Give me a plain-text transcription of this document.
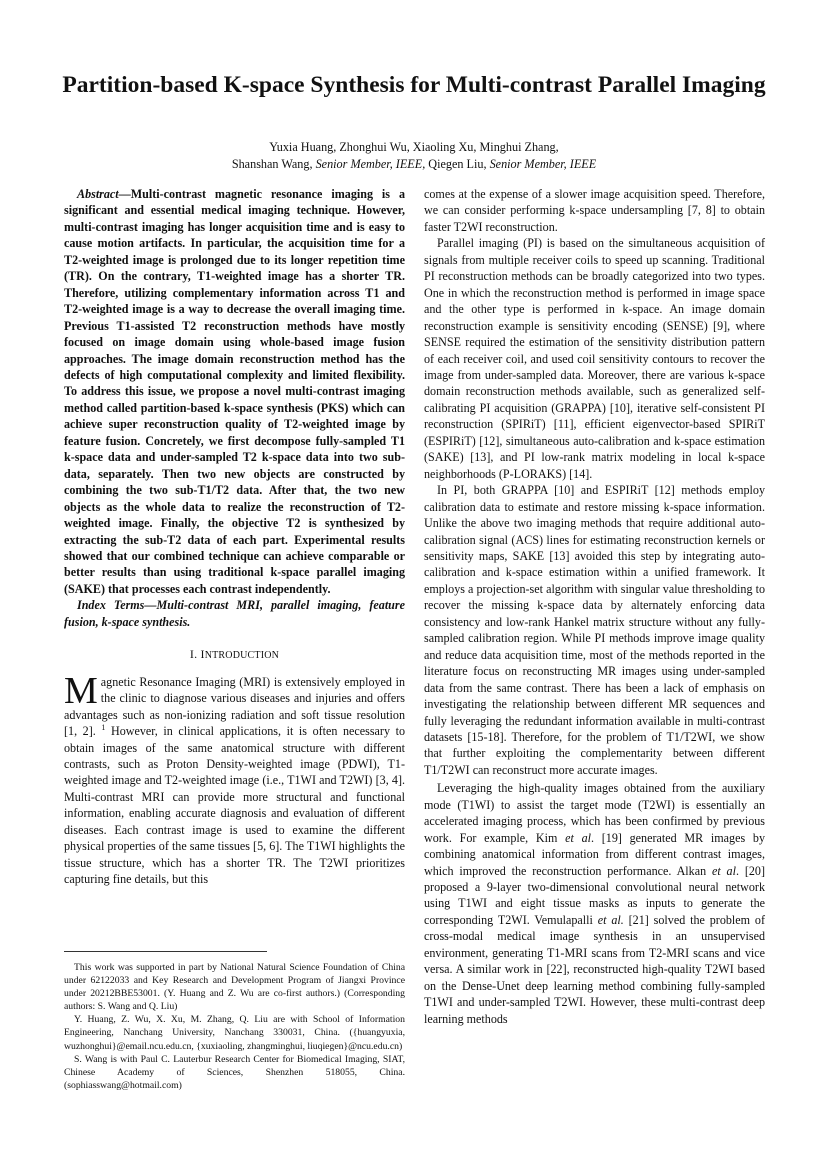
Partition-based K-space Synthesis for Multi-contrast Parallel Imaging

Yuxia Huang, Zhonghui Wu, Xiaoling Xu, Minghui Zhang,

Shanshan Wang, Senior Member, IEEE, Qiegen Liu, Senior Member, IEEE

Abstract—Multi-contrast magnetic resonance imaging is a significant and essential medical imaging technique. However, multi-contrast imaging has longer acquisition time and is easy to cause motion artifacts. In particular, the acquisition time for a T2-weighted image is prolonged due to its longer repetition time (TR). On the contrary, T1-weighted image has a shorter TR. Therefore, utilizing complementary information across T1 and T2-weighted image is a way to decrease the overall imaging time. Previous T1-assisted T2 reconstruction methods have mostly focused on image domain using whole-based image fusion approaches. The image domain reconstruction method has the defects of high computational complexity and limited flexibility. To address this issue, we propose a novel multi-contrast imaging method called partition-based k-space synthesis (PKS) which can achieve super reconstruction quality of T2-weighted image by feature fusion. Concretely, we first decompose fully-sampled T1 k-space data and under-sampled T2 k-space data into two sub-data, separately. Then two new objects are constructed by combining the two sub-T1/T2 data. After that, the two new objects as the whole data to realize the reconstruction of T2-weighted image. Finally, the objective T2 is synthesized by extracting the sub-T2 data of each part. Experimental results showed that our combined technique can achieve comparable or better results than using traditional k-space parallel imaging (SAKE) that processes each contrast independently.

Index Terms—Multi-contrast MRI, parallel imaging, feature fusion, k-space synthesis.

I. INTRODUCTION

Magnetic Resonance Imaging (MRI) is extensively employed in the clinic to diagnose various diseases and injuries and offers advantages such as non-ionizing radiation and soft tissue resolution [1, 2]. $^1$ However, in clinical applications, it is often necessary to obtain images of the same anatomical structure with different contrasts, such as Proton Density-weighted image (PDWI), T1-weighted image and T2-weighted image (i.e., T1WI and T2WI) [3, 4]. Multi-contrast MRI can provide more structural and functional information, enabling accurate diagnosis and evaluation of different diseases. Each contrast image is used to examine the different physical properties of the same tissues [5, 6]. The T1WI highlights the tissue structure, which has a shorter TR. The T2WI prioritizes capturing fine details, but this

This work was supported in part by National Natural Science Foundation of China under 62122033 and Key Research and Development Program of Jiangxi Province under 20212BBE53001. (Y. Huang and Z. Wu are co-first authors.) (Corresponding authors: S. Wang and Q. Liu)

Y. Huang, Z. Wu, X. Xu, M. Zhang, Q. Liu are with School of Information Engineering, Nanchang University, Nanchang 330031, China. ({huangyuxia, wuzhonghui}@email.ncu.edu.cn, {xuxiaoling, zhangminghui, liuqiegen}@ncu.edu.cn)

S. Wang is with Paul C. Lauterbur Research Center for Biomedical Imaging, SIAT, Chinese Academy of Sciences, Shenzhen 518055, China. (sophiasswang@hotmail.com)

comes at the expense of a slower image acquisition speed. Therefore, we can consider performing k-space undersampling [7, 8] to obtain faster T2WI reconstruction.

Parallel imaging (PI) is based on the simultaneous acquisition of signals from multiple receiver coils to speed up scanning. Traditional PI reconstruction methods can be broadly categorized into two types. One in which the reconstruction method is performed in image space and the other type is performed in k-space. An image domain reconstruction example is sensitivity encoding (SENSE) [9], where SENSE required the estimation of the sensitivity distribution pattern of each receiver coil, and used coil sensitivity contours to recover the image from under-sampled data. Moreover, there are various k-space domain reconstruction methods available, such as generalized self-calibrating PI acquisition (GRAPPA) [10], iterative self-consistent PI reconstruction (SPIRiT) [11], efficient eigenvector-based SPIRiT (ESPIRiT) [12], simultaneous auto-calibration and k-space estimation (SAKE) [13], and PI low-rank matrix modeling in local k-space neighborhoods (P-LORAKS) [14].

In PI, both GRAPPA [10] and ESPIRiT [12] methods employ calibration data to estimate and restore missing k-space information. Unlike the above two imaging methods that require additional auto-calibration signal (ACS) lines for estimating reconstruction kernels or sensitivity maps, SAKE [13] avoided this step by integrating auto-calibration and k-space estimation within a unified framework. It employs a projection-set algorithm with singular value thresholding to recover the missing k-space data by alternately enforcing data consistency and low-rank Hankel matrix structure without any fully-sampled calibration region. While PI methods improve image quality and reduce data acquisition time, most of the methods reported in the literature focus on reconstructing MR images using under-sampled data from the same contrast. There has been a lack of emphasis on investigating the relationship between different MR sequences and fully leveraging the redundant information available in multi-contrast datasets [15-18]. Therefore, for the problem of T1/T2WI, we show that further exploiting the complementarity between different T1/T2WI can reconstruct more accurate images.

Leveraging the high-quality images obtained from the auxiliary mode (T1WI) to assist the target mode (T2WI) is essentially an accelerated imaging process, which has been confirmed by previous work. For example, Kim et al. [19] generated MR images by combining anatomical information from different contrast images, which improved the reconstruction performance. Alkan et al. [20] proposed a 9-layer two-dimensional convolutional neural network using T1WI and eight tissue masks as inputs to generate the corresponding T2WI. Vemulapalli et al. [21] solved the problem of cross-modal medical image synthesis in an unsupervised environment, generating T1-MRI scans from T2-MRI scans and vice versa. A similar work in [22], reconstructed high-quality T2WI based on the Dense-Unet deep learning method combining fully-sampled T1WI and under-sampled T2WI. However, these multi-contrast deep learning methods
